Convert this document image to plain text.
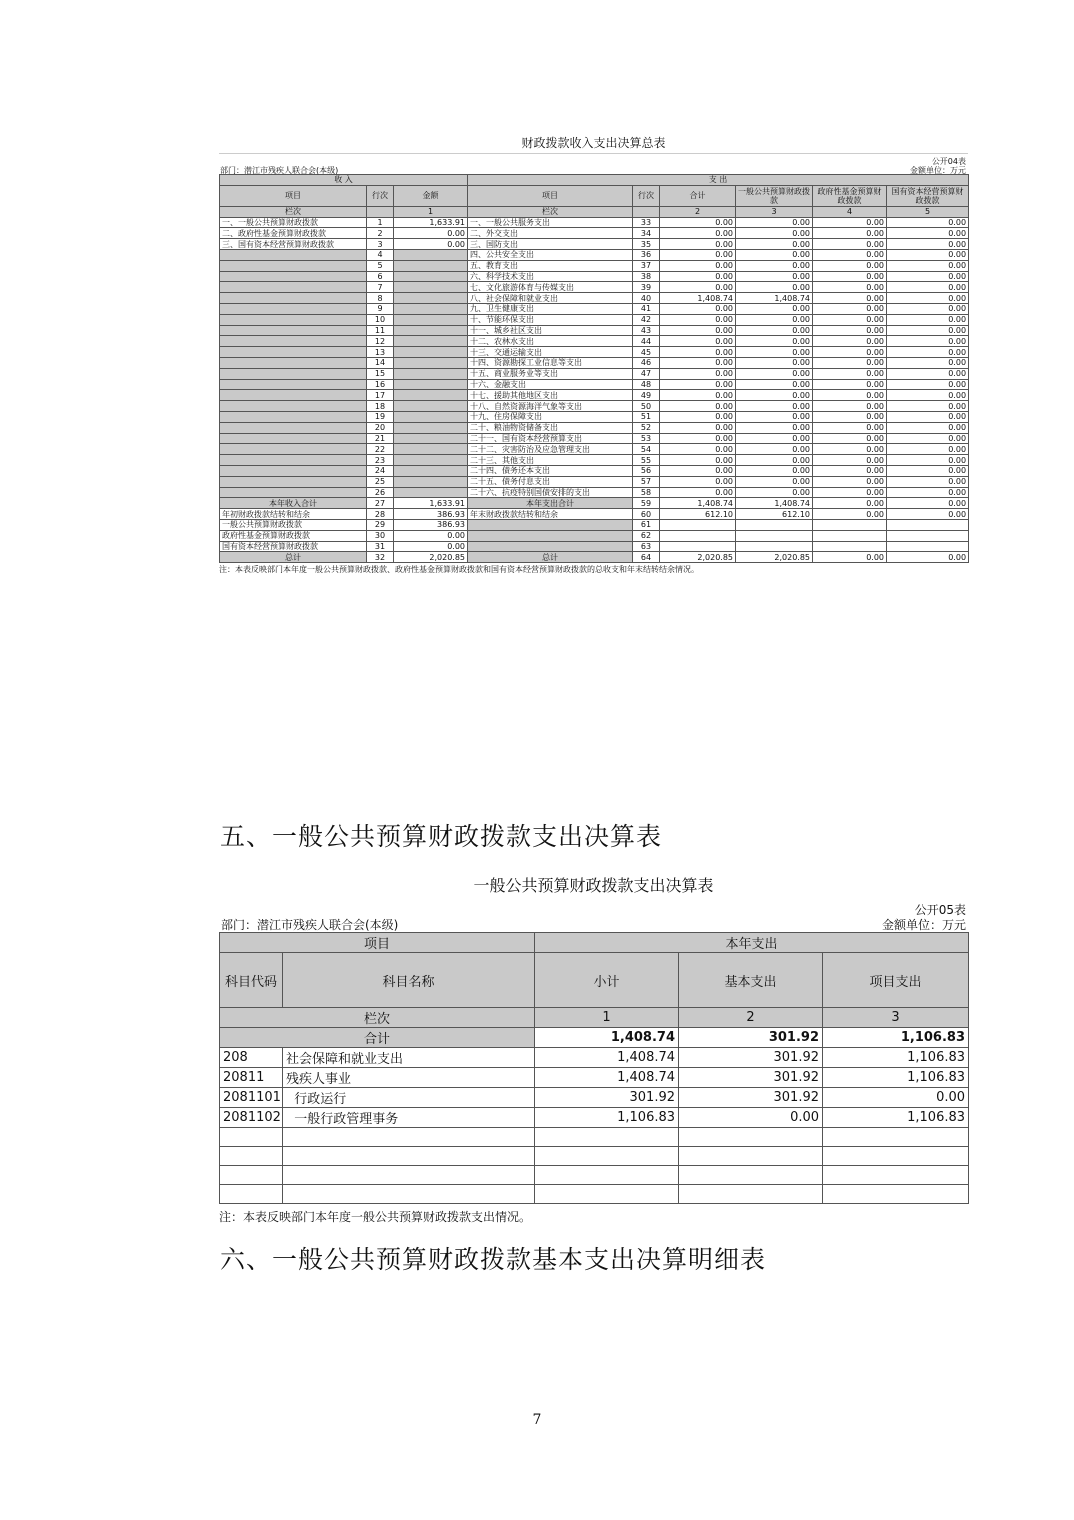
财政拨款收入支出决算总表
公开04表
部门：潜江市残疾人联合会(本级)	金额单位：万元
收 入			支 出					
项目	行次	金额	项目	行次	合计	一般公共预算财政拨款	政府性基金预算财政拨款	国有资本经营预算财政拨款
栏次		1	栏次		2	3	4	5
一、一般公共预算财政拨款	1	1,633.91	一、一般公共服务支出	33	0.00	0.00	0.00	0.00
二、政府性基金预算财政拨款	2	0.00	二、外交支出	34	0.00	0.00	0.00	0.00
三、国有资本经营预算财政拨款	3	0.00	三、国防支出	35	0.00	0.00	0.00	0.00
	4		四、公共安全支出	36	0.00	0.00	0.00	0.00
	5		五、教育支出	37	0.00	0.00	0.00	0.00
	6		六、科学技术支出	38	0.00	0.00	0.00	0.00
	7		七、文化旅游体育与传媒支出	39	0.00	0.00	0.00	0.00
	8		八、社会保障和就业支出	40	1,408.74	1,408.74	0.00	0.00
	9		九、卫生健康支出	41	0.00	0.00	0.00	0.00
	10		十、节能环保支出	42	0.00	0.00	0.00	0.00
	11		十一、城乡社区支出	43	0.00	0.00	0.00	0.00
	12		十二、农林水支出	44	0.00	0.00	0.00	0.00
	13		十三、交通运输支出	45	0.00	0.00	0.00	0.00
	14		十四、资源勘探工业信息等支出	46	0.00	0.00	0.00	0.00
	15		十五、商业服务业等支出	47	0.00	0.00	0.00	0.00
	16		十六、金融支出	48	0.00	0.00	0.00	0.00
	17		十七、援助其他地区支出	49	0.00	0.00	0.00	0.00
	18		十八、自然资源海洋气象等支出	50	0.00	0.00	0.00	0.00
	19		十九、住房保障支出	51	0.00	0.00	0.00	0.00
	20		二十、粮油物资储备支出	52	0.00	0.00	0.00	0.00
	21		二十一、国有资本经营预算支出	53	0.00	0.00	0.00	0.00
	22		二十二、灾害防治及应急管理支出	54	0.00	0.00	0.00	0.00
	23		二十三、其他支出	55	0.00	0.00	0.00	0.00
	24		二十四、债务还本支出	56	0.00	0.00	0.00	0.00
	25		二十五、债务付息支出	57	0.00	0.00	0.00	0.00
	26		二十六、抗疫特别国债安排的支出	58	0.00	0.00	0.00	0.00
本年收入合计	27	1,633.91	本年支出合计	59	1,408.74	1,408.74	0.00	0.00
年初财政拨款结转和结余	28	386.93	年末财政拨款结转和结余	60	612.10	612.10	0.00	0.00
一般公共预算财政拨款	29	386.93		61				
政府性基金预算财政拨款	30	0.00		62				
国有资本经营预算财政拨款	31	0.00		63				
总计	32	2,020.85	总计	64	2,020.85	2,020.85	0.00	0.00
注：本表反映部门本年度一般公共预算财政拨款、政府性基金预算财政拨款和国有资本经营预算财政拨款的总收支和年末结转结余情况。
五、一般公共预算财政拨款支出决算表
一般公共预算财政拨款支出决算表
公开05表
部门：潜江市残疾人联合会(本级)	金额单位：万元
项目		本年支出		
科目代码	科目名称	小计	基本支出	项目支出
栏次		1	2	3
合计		1,408.74	301.92	1,106.83
208	社会保障和就业支出	1,408.74	301.92	1,106.83
20811	残疾人事业	1,408.74	301.92	1,106.83
2081101	行政运行	301.92	301.92	0.00
2081102	一般行政管理事务	1,106.83	0.00	1,106.83

注：本表反映部门本年度一般公共预算财政拨款支出情况。
六、一般公共预算财政拨款基本支出决算明细表
7
